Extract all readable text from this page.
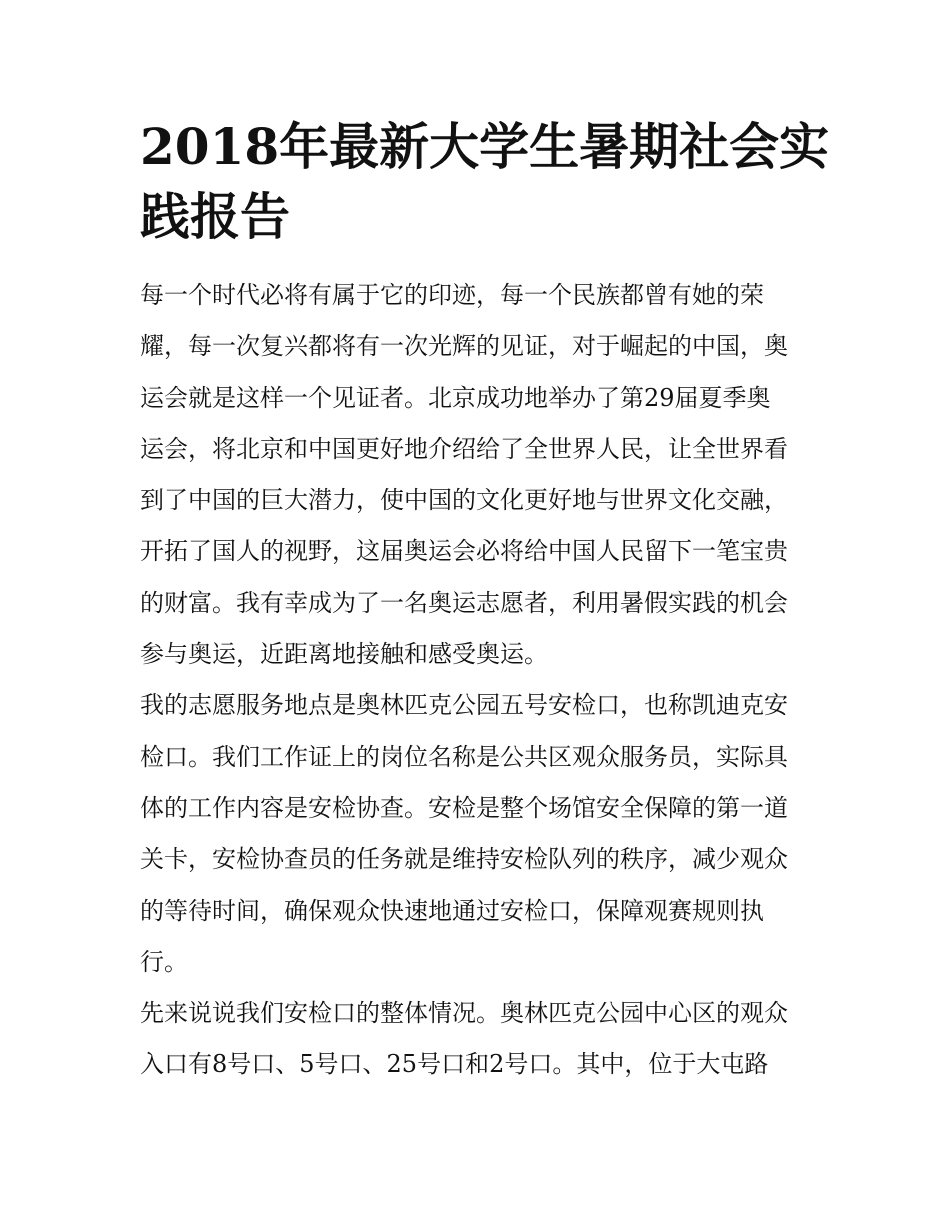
2018年最新大学生暑期社会实
践报告
每一个时代必将有属于它的印迹，每一个民族都曾有她的荣
耀，每一次复兴都将有一次光辉的见证，对于崛起的中国，奥
运会就是这样一个见证者。北京成功地举办了第29届夏季奥
运会，将北京和中国更好地介绍给了全世界人民，让全世界看
到了中国的巨大潜力，使中国的文化更好地与世界文化交融，
开拓了国人的视野，这届奥运会必将给中国人民留下一笔宝贵
的财富。我有幸成为了一名奥运志愿者，利用暑假实践的机会
参与奥运，近距离地接触和感受奥运。
我的志愿服务地点是奥林匹克公园五号安检口，也称凯迪克安
检口。我们工作证上的岗位名称是公共区观众服务员，实际具
体的工作内容是安检协查。安检是整个场馆安全保障的第一道
关卡，安检协查员的任务就是维持安检队列的秩序，减少观众
的等待时间，确保观众快速地通过安检口，保障观赛规则执
行。
先来说说我们安检口的整体情况。奥林匹克公园中心区的观众
入口有8号口、5号口、25号口和2号口。其中，位于大屯路
